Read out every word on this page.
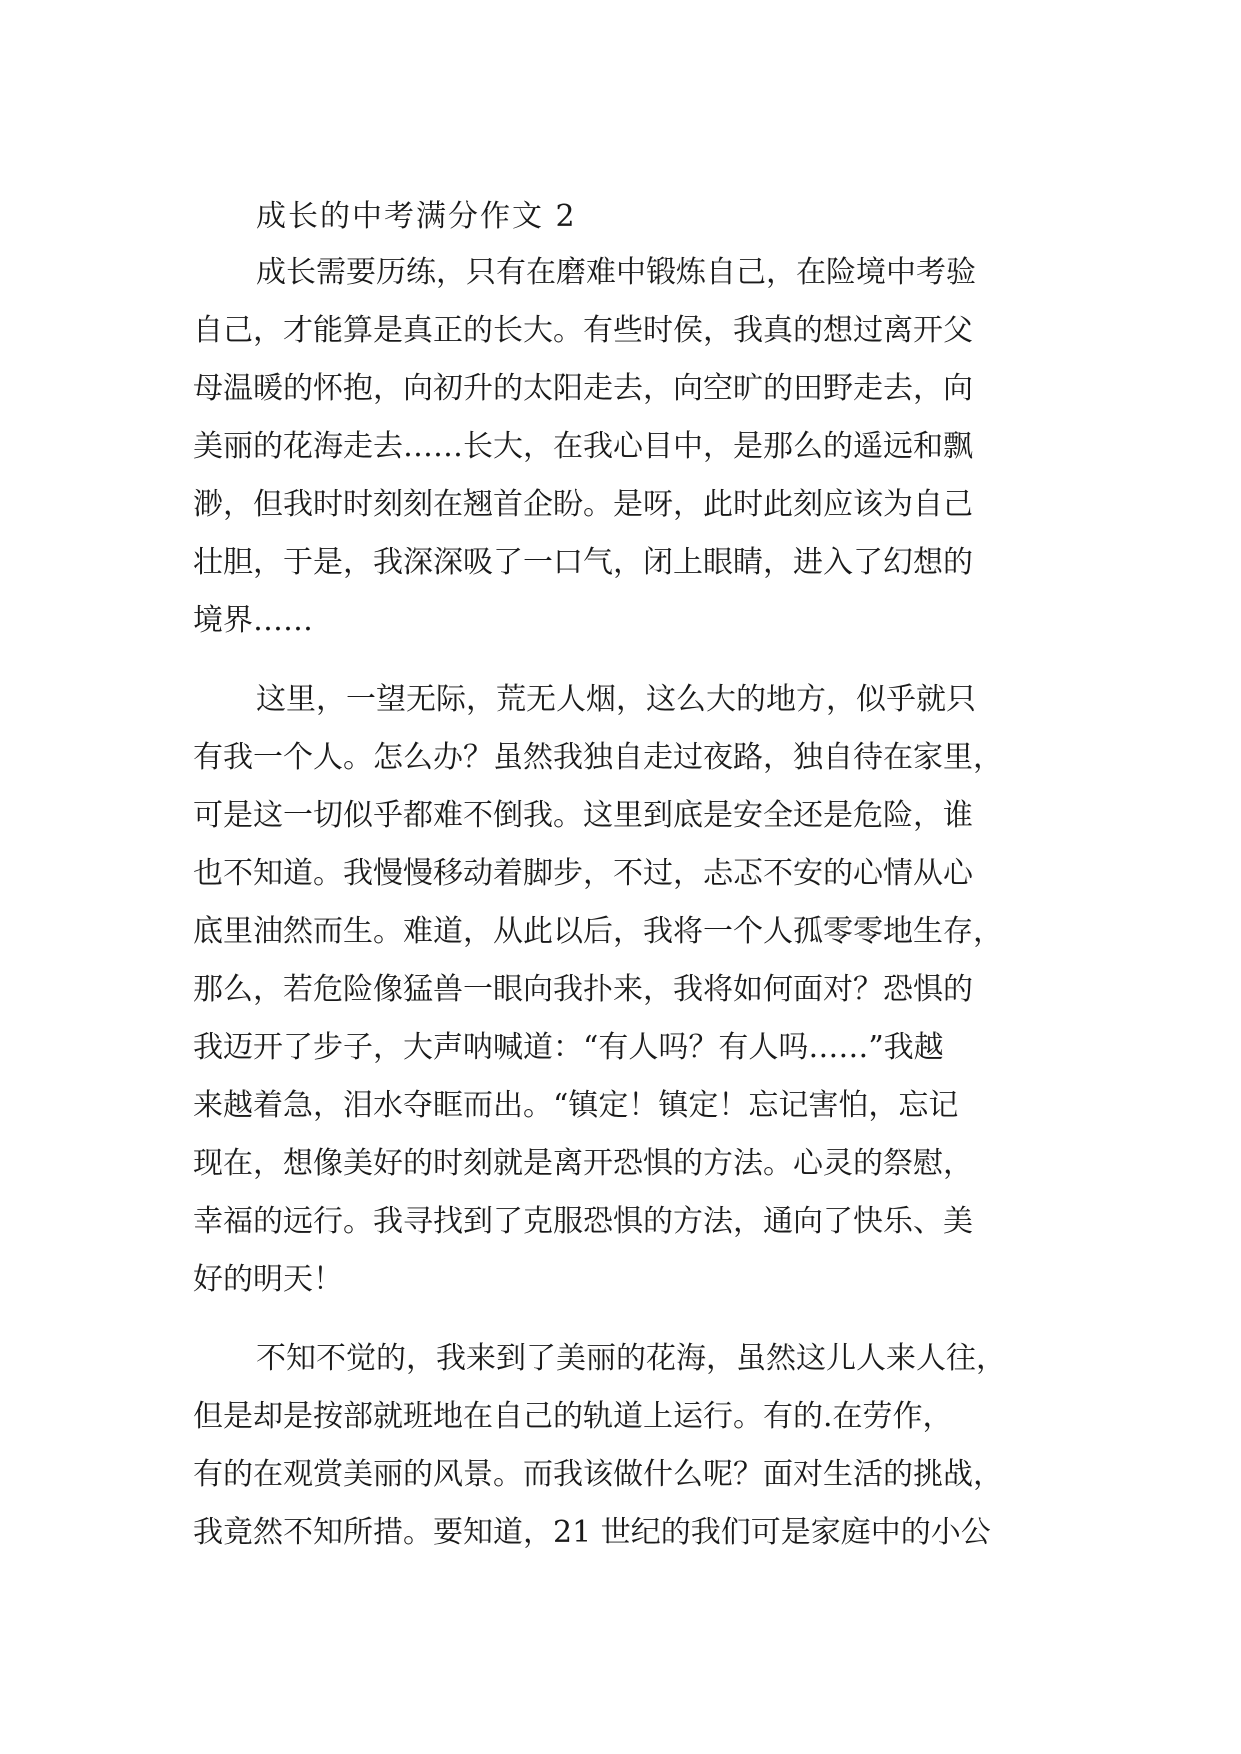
成长的中考满分作文 2
成长需要历练，只有在磨难中锻炼自己，在险境中考验
自己，才能算是真正的长大。有些时侯，我真的想过离开父
母温暖的怀抱，向初升的太阳走去，向空旷的田野走去，向
美丽的花海走去……长大，在我心目中，是那么的遥远和飘
渺，但我时时刻刻在翘首企盼。是呀，此时此刻应该为自己
壮胆，于是，我深深吸了一口气，闭上眼睛，进入了幻想的
境界……
这里，一望无际，荒无人烟，这么大的地方，似乎就只
有我一个人。怎么办？虽然我独自走过夜路，独自待在家里，
可是这一切似乎都难不倒我。这里到底是安全还是危险，谁
也不知道。我慢慢移动着脚步，不过，忐忑不安的心情从心
底里油然而生。难道，从此以后，我将一个人孤零零地生存，
那么，若危险像猛兽一眼向我扑来，我将如何面对？恐惧的
我迈开了步子，大声呐喊道：“有人吗？有人吗……”我越
来越着急，泪水夺眶而出。“镇定！镇定！忘记害怕，忘记
现在，想像美好的时刻就是离开恐惧的方法。心灵的祭慰，
幸福的远行。我寻找到了克服恐惧的方法，通向了快乐、美
好的明天！
不知不觉的，我来到了美丽的花海，虽然这儿人来人往，
但是却是按部就班地在自己的轨道上运行。有的.在劳作，
有的在观赏美丽的风景。而我该做什么呢？面对生活的挑战，
我竟然不知所措。要知道，21 世纪的我们可是家庭中的小公
